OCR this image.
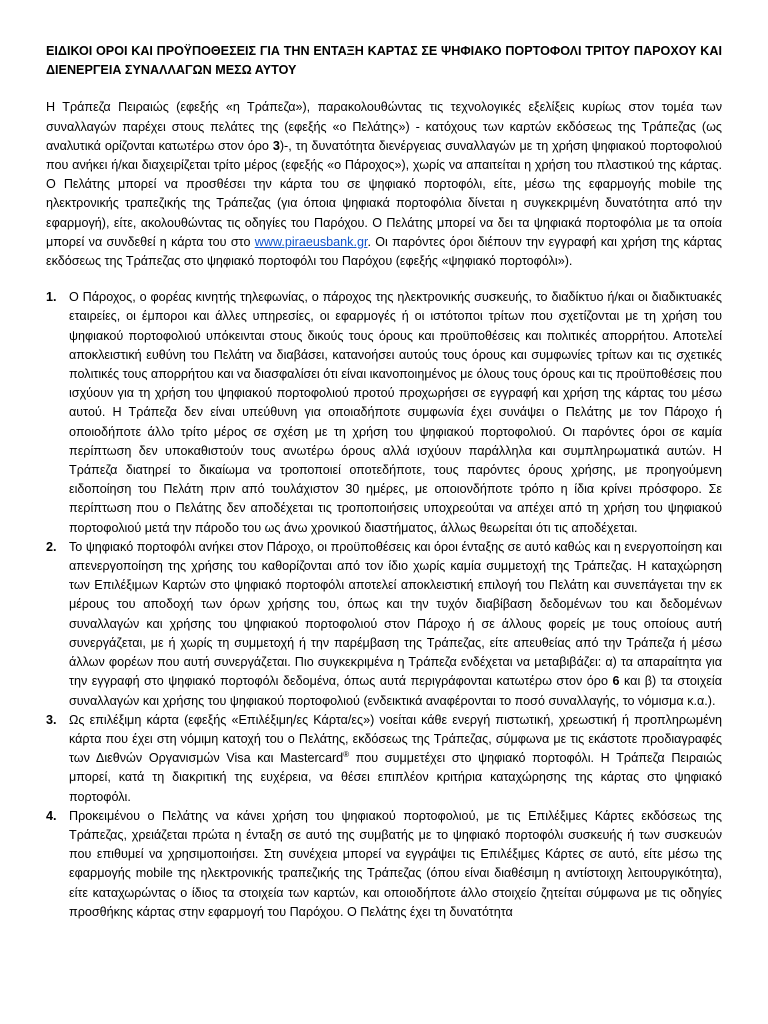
ΕΙΔΙΚΟΙ ΟΡΟΙ ΚΑΙ ΠΡΟΫΠΟΘΕΣΕΙΣ ΓΙΑ ΤΗΝ ΕΝΤΑΞΗ ΚΑΡΤΑΣ ΣΕ ΨΗΦΙΑΚΟ ΠΟΡΤΟΦΟΛΙ ΤΡΙΤΟΥ ΠΑΡΟΧΟΥ ΚΑΙ ΔΙΕΝΕΡΓΕΙΑ ΣΥΝΑΛΛΑΓΩΝ ΜΕΣΩ ΑΥΤΟΥ

Η Τράπεζα Πειραιώς (εφεξής «η Τράπεζα»), παρακολουθώντας τις τεχνολογικές εξελίξεις κυρίως στον τομέα των συναλλαγών παρέχει στους πελάτες της (εφεξής «ο Πελάτης») - κατόχους των καρτών εκδόσεως της Τράπεζας (ως αναλυτικά ορίζονται κατωτέρω στον όρο 3)-, τη δυνατότητα διενέργειας συναλλαγών με τη χρήση ψηφιακού πορτοφολιού που ανήκει ή/και διαχειρίζεται τρίτο μέρος (εφεξής «ο Πάροχος»), χωρίς να απαιτείται η χρήση του πλαστικού της κάρτας. Ο Πελάτης μπορεί να προσθέσει την κάρτα του σε ψηφιακό πορτοφόλι, είτε, μέσω της εφαρμογής mobile της ηλεκτρονικής τραπεζικής της Τράπεζας (για όποια ψηφιακά πορτοφόλια δίνεται η συγκεκριμένη δυνατότητα από την εφαρμογή), είτε, ακολουθώντας τις οδηγίες του Παρόχου. Ο Πελάτης μπορεί να δει τα ψηφιακά πορτοφόλια με τα οποία μπορεί να συνδεθεί η κάρτα του στο www.piraeusbank.gr. Οι παρόντες όροι διέπουν την εγγραφή και χρήση της κάρτας εκδόσεως της Τράπεζας στο ψηφιακό πορτοφόλι του Παρόχου (εφεξής «ψηφιακό πορτοφόλι»).

1. Ο Πάροχος, ο φορέας κινητής τηλεφωνίας, ο πάροχος της ηλεκτρονικής συσκευής, το διαδίκτυο ή/και οι διαδικτυακές εταιρείες, οι έμποροι και άλλες υπηρεσίες, οι εφαρμογές ή οι ιστότοποι τρίτων που σχετίζονται με τη χρήση του ψηφιακού πορτοφολιού υπόκεινται στους δικούς τους όρους και προϋποθέσεις και πολιτικές απορρήτου. Αποτελεί αποκλειστική ευθύνη του Πελάτη να διαβάσει, κατανοήσει αυτούς τους όρους και συμφωνίες τρίτων και τις σχετικές πολιτικές τους απορρήτου και να διασφαλίσει ότι είναι ικανοποιημένος με όλους τους όρους και τις προϋποθέσεις που ισχύουν για τη χρήση του ψηφιακού πορτοφολιού προτού προχωρήσει σε εγγραφή και χρήση της κάρτας του μέσω αυτού. Η Τράπεζα δεν είναι υπεύθυνη για οποιαδήποτε συμφωνία έχει συνάψει ο Πελάτης με τον Πάροχο ή οποιοδήποτε άλλο τρίτο μέρος σε σχέση με τη χρήση του ψηφιακού πορτοφολιού. Οι παρόντες όροι σε καμία περίπτωση δεν υποκαθιστούν τους ανωτέρω όρους αλλά ισχύουν παράλληλα και συμπληρωματικά αυτών. Η Τράπεζα διατηρεί το δικαίωμα να τροποποιεί οποτεδήποτε, τους παρόντες όρους χρήσης, με προηγούμενη ειδοποίηση του Πελάτη πριν από τουλάχιστον 30 ημέρες, με οποιονδήποτε τρόπο η ίδια κρίνει πρόσφορο. Σε περίπτωση που ο Πελάτης δεν αποδέχεται τις τροποποιήσεις υποχρεούται να απέχει από τη χρήση του ψηφιακού πορτοφολιού μετά την πάροδο του ως άνω χρονικού διαστήματος, άλλως θεωρείται ότι τις αποδέχεται.
2. Το ψηφιακό πορτοφόλι ανήκει στον Πάροχο, οι προϋποθέσεις και όροι ένταξης σε αυτό καθώς και η ενεργοποίηση και απενεργοποίηση της χρήσης του καθορίζονται από τον ίδιο χωρίς καμία συμμετοχή της Τράπεζας. Η καταχώρηση των Επιλέξιμων Καρτών στο ψηφιακό πορτοφόλι αποτελεί αποκλειστική επιλογή του Πελάτη και συνεπάγεται την εκ μέρους του αποδοχή των όρων χρήσης του, όπως και την τυχόν διαβίβαση δεδομένων του και δεδομένων συναλλαγών και χρήσης του ψηφιακού πορτοφολιού στον Πάροχο ή σε άλλους φορείς με τους οποίους αυτή συνεργάζεται, με ή χωρίς τη συμμετοχή ή την παρέμβαση της Τράπεζας, είτε απευθείας από την Τράπεζα ή μέσω άλλων φορέων που αυτή συνεργάζεται. Πιο συγκεκριμένα η Τράπεζα ενδέχεται να μεταβιβάζει: α) τα απαραίτητα για την εγγραφή στο ψηφιακό πορτοφόλι δεδομένα, όπως αυτά περιγράφονται κατωτέρω στον όρο 6 και β) τα στοιχεία συναλλαγών και χρήσης του ψηφιακού πορτοφολιού (ενδεικτικά αναφέρονται το ποσό συναλλαγής, το νόμισμα κ.α.).
3. Ως επιλέξιμη κάρτα (εφεξής «Επιλέξιμη/ες Κάρτα/ες») νοείται κάθε ενεργή πιστωτική, χρεωστική ή προπληρωμένη κάρτα που έχει στη νόμιμη κατοχή του ο Πελάτης, εκδόσεως της Τράπεζας, σύμφωνα με τις εκάστοτε προδιαγραφές των Διεθνών Οργανισμών Visa και Mastercard® που συμμετέχει στο ψηφιακό πορτοφόλι. Η Τράπεζα Πειραιώς μπορεί, κατά τη διακριτική της ευχέρεια, να θέσει επιπλέον κριτήρια καταχώρησης της κάρτας στο ψηφιακό πορτοφόλι.
4. Προκειμένου ο Πελάτης να κάνει χρήση του ψηφιακού πορτοφολιού, με τις Επιλέξιμες Κάρτες εκδόσεως της Τράπεζας, χρειάζεται πρώτα η ένταξη σε αυτό της συμβατής με το ψηφιακό πορτοφόλι συσκευής ή των συσκευών που επιθυμεί να χρησιμοποιήσει. Στη συνέχεια μπορεί να εγγράψει τις Επιλέξιμες Κάρτες σε αυτό, είτε μέσω της εφαρμογής mobile της ηλεκτρονικής τραπεζικής της Τράπεζας (όπου είναι διαθέσιμη η αντίστοιχη λειτουργικότητα), είτε καταχωρώντας ο ίδιος τα στοιχεία των καρτών, και οποιοδήποτε άλλο στοιχείο ζητείται σύμφωνα με τις οδηγίες προσθήκης κάρτας στην εφαρμογή του Παρόχου. Ο Πελάτης έχει τη δυνατότητα
